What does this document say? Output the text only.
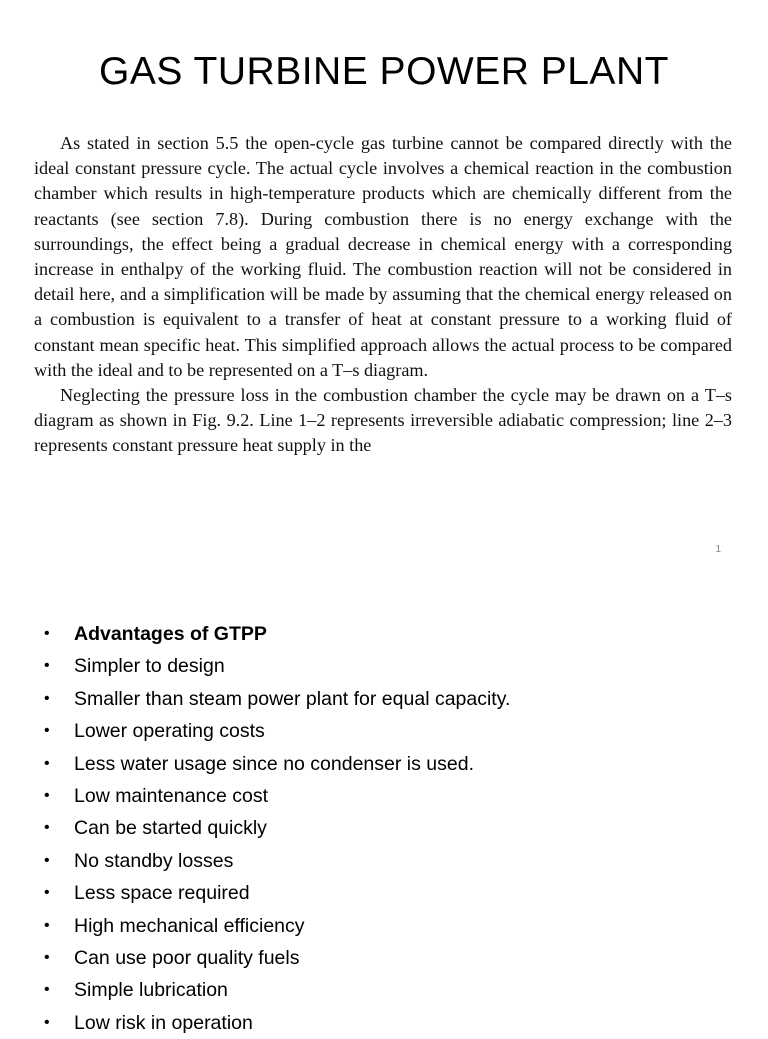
GAS TURBINE POWER PLANT

As stated in section 5.5 the open-cycle gas turbine cannot be compared directly with the ideal constant pressure cycle. The actual cycle involves a chemical reaction in the combustion chamber which results in high-temperature products which are chemically different from the reactants (see section 7.8). During combustion there is no energy exchange with the surroundings, the effect being a gradual decrease in chemical energy with a corresponding increase in enthalpy of the working fluid. The combustion reaction will not be considered in detail here, and a simplification will be made by assuming that the chemical energy released on a combustion is equivalent to a transfer of heat at constant pressure to a working fluid of constant mean specific heat. This simplified approach allows the actual process to be compared with the ideal and to be represented on a T–s diagram.

Neglecting the pressure loss in the combustion chamber the cycle may be drawn on a T–s diagram as shown in Fig. 9.2. Line 1–2 represents irreversible adiabatic compression; line 2–3 represents constant pressure heat supply in the

1
• Advantages of GTPP
• Simpler to design
• Smaller than steam power plant for equal capacity.
• Lower operating costs
• Less water usage since no condenser is used.
• Low maintenance cost
• Can be started quickly
• No standby losses
• Less space required
• High mechanical efficiency
• Can use poor quality fuels
• Simple lubrication
• Low risk in operation
